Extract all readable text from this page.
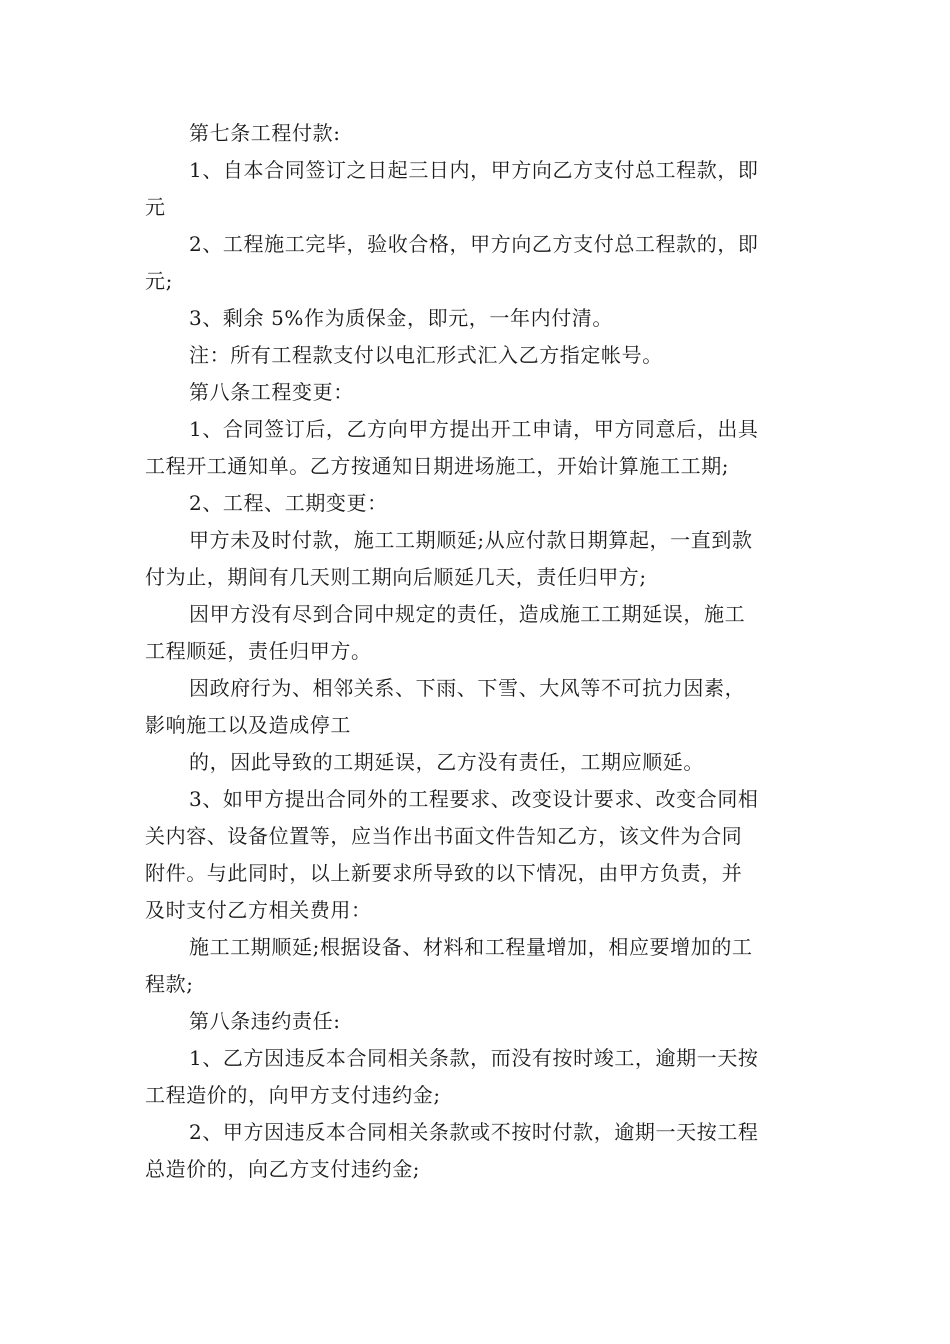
第七条工程付款:
1、自本合同签订之日起三日内，甲方向乙方支付总工程款，即
元
2、工程施工完毕，验收合格，甲方向乙方支付总工程款的，即
元;
3、剩余 5%作为质保金，即元，一年内付清。
注：所有工程款支付以电汇形式汇入乙方指定帐号。
第八条工程变更：
1、合同签订后，乙方向甲方提出开工申请，甲方同意后，出具
工程开工通知单。乙方按通知日期进场施工，开始计算施工工期;
2、工程、工期变更：
甲方未及时付款，施工工期顺延;从应付款日期算起，一直到款
付为止，期间有几天则工期向后顺延几天，责任归甲方;
因甲方没有尽到合同中规定的责任，造成施工工期延误，施工
工程顺延，责任归甲方。
因政府行为、相邻关系、下雨、下雪、大风等不可抗力因素，
影响施工以及造成停工
的，因此导致的工期延误，乙方没有责任，工期应顺延。
3、如甲方提出合同外的工程要求、改变设计要求、改变合同相
关内容、设备位置等，应当作出书面文件告知乙方，该文件为合同
附件。与此同时，以上新要求所导致的以下情况，由甲方负责，并
及时支付乙方相关费用：
施工工期顺延;根据设备、材料和工程量增加，相应要增加的工
程款;
第八条违约责任:
1、乙方因违反本合同相关条款，而没有按时竣工，逾期一天按
工程造价的，向甲方支付违约金;
2、甲方因违反本合同相关条款或不按时付款，逾期一天按工程
总造价的，向乙方支付违约金;
